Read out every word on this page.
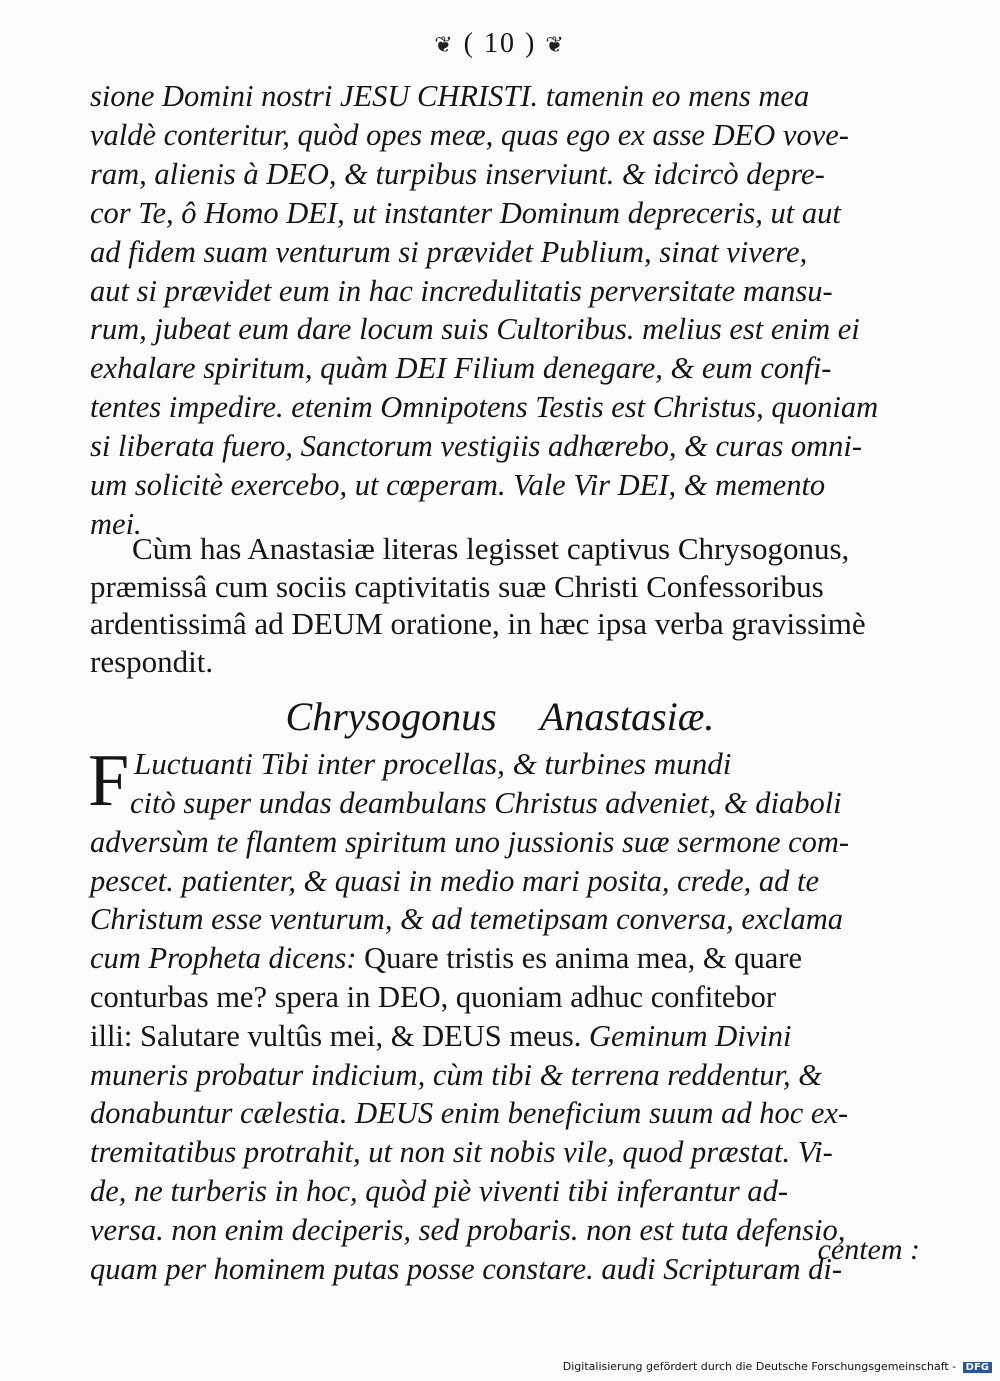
❦ ( 10 ) ❦
sione Domini nostri JESU CHRISTI. tamenin eo mens mea
valdè conteritur, quòd opes meæ, quas ego ex asse DEO vove-
ram, alienis à DEO, & turpibus inserviunt. & idcircò depre-
cor Te, ô Homo DEI, ut instanter Dominum depreceris, ut aut
ad fidem suam venturum si prævidet Publium, sinat vivere,
aut si prævidet eum in hac incredulitatis perversitate mansu-
rum, jubeat eum dare locum suis Cultoribus. melius est enim ei
exhalare spiritum, quàm DEI Filium denegare, & eum confi-
tentes impedire. etenim Omnipotens Testis est Christus, quoniam
si liberata fuero, Sanctorum vestigiis adhærebo, & curas omni-
um solicitè exercebo, ut cœperam. Vale Vir DEI, & memento
mei.
Cùm has Anastasiæ literas legisset captivus Chrysogonus,
præmissâ cum sociis captivitatis suæ Christi Confessoribus
ardentissimâ ad DEUM oratione, in hæc ipsa verba gravissimè
respondit.
Chrysogonus Anastasiæ.
F Luctuanti Tibi inter procellas, & turbines mundi
citò super undas deambulans Christus adveniet, & diaboli
adversùm te flantem spiritum uno jussionis suæ sermone com-
pescet. patienter, & quasi in medio mari posita, crede, ad te
Christum esse venturum, & ad temetipsam conversa, exclama
cum Propheta dicens: Quare tristis es anima mea, & quare
conturbas me? spera in DEO, quoniam adhuc confitebor
illi: Salutare vultûs mei, & DEUS meus. Geminum Divini
muneris probatur indicium, cùm tibi & terrena reddentur, &
donabuntur cælestia. DEUS enim beneficium suum ad hoc ex-
tremitatibus protrahit, ut non sit nobis vile, quod præstat. Vi-
de, ne turberis in hoc, quòd piè viventi tibi inferantur ad-
versa. non enim deciperis, sed probaris. non est tuta defensio,
quam per hominem putas posse constare. audi Scripturam di-
centem :
Digitalisierung gefördert durch die Deutsche Forschungsgemeinschaft - DFG
